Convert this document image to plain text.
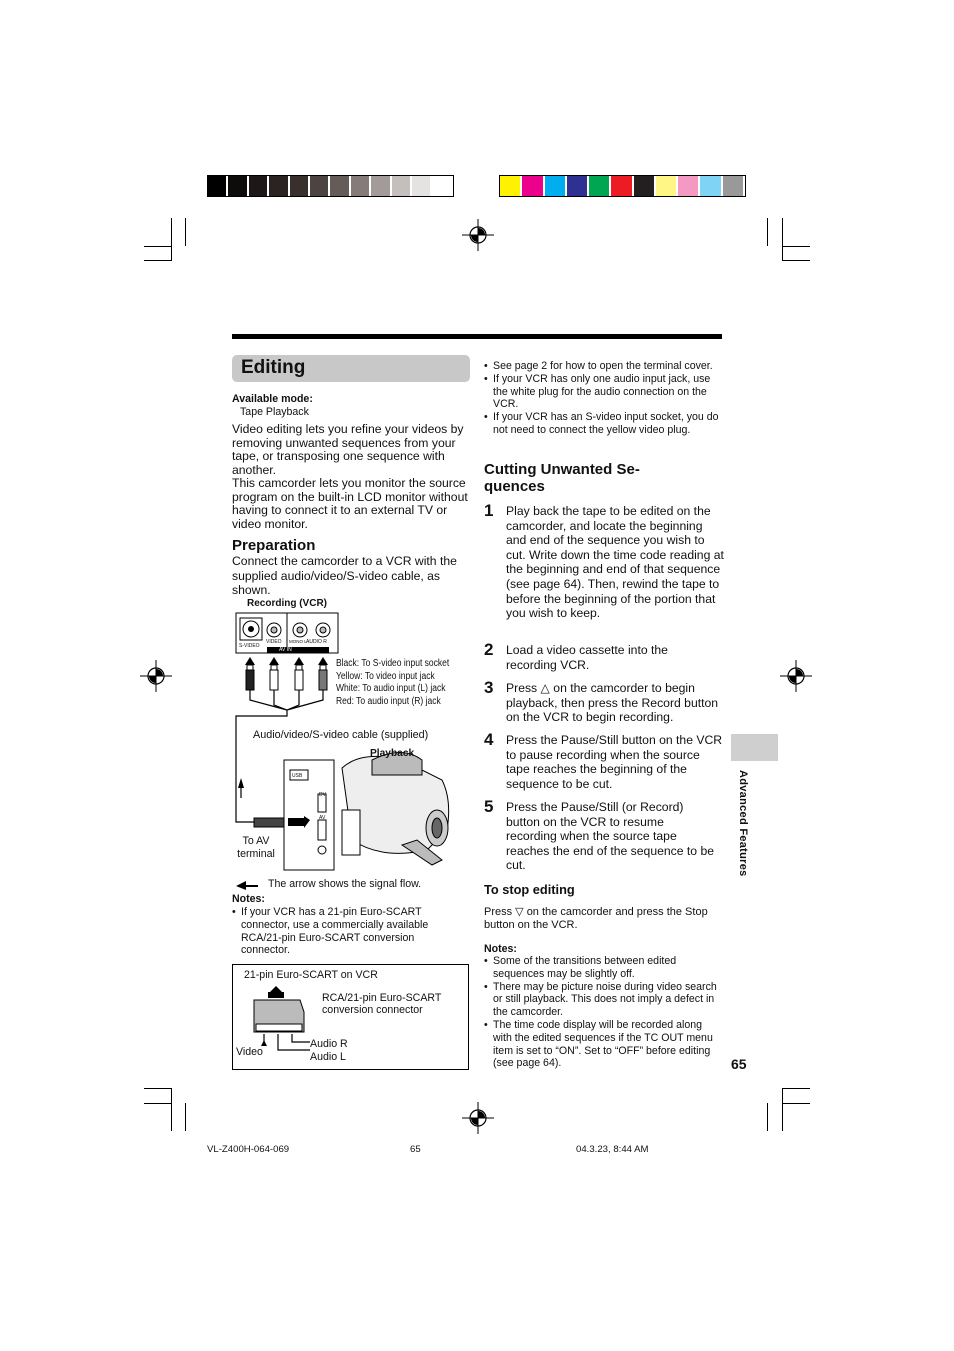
Editing
Available mode:
Tape Playback

Video editing lets you refine your videos by removing unwanted sequences from your tape, or transposing one sequence with another.

This camcorder lets you monitor the source program on the built-in LCD monitor without having to connect it to an external TV or video monitor.

Preparation

Connect the camcorder to a VCR with the supplied audio/video/S-video cable, as shown.

Recording (VCR)
S-VIDEO
VIDEO MONO L AUDIO R
AV IN
USB
DV
AV
Black: To S-video input socket
Yellow: To video input jack
White: To audio input (L) jack
Red: To audio input (R) jack
Audio/video/S-video cable (supplied)
Playback
To AV
terminal
The arrow shows the signal flow.
Notes:
• If your VCR has a 21-pin Euro-SCART connector, use a commercially available RCA/21-pin Euro-SCART conversion connector.
21-pin Euro-SCART on VCR
RCA/21-pin Euro-SCART conversion connector
Video
Audio R
Audio L
• See page 2 for how to open the terminal cover.
• If your VCR has only one audio input jack, use the white plug for the audio connection on the VCR.
• If your VCR has an S-video input socket, you do not need to connect the yellow video plug.
Cutting Unwanted Se-
quences
1 Play back the tape to be edited on the camcorder, and locate the beginning and end of the sequence you wish to cut. Write down the time code reading at the beginning and end of that sequence (see page 64). Then, rewind the tape to before the beginning of the portion that you wish to keep.
2 Load a video cassette into the recording VCR.
3 Press △ on the camcorder to begin playback, then press the Record button on the VCR to begin recording.
4 Press the Pause/Still button on the VCR to pause recording when the source tape reaches the beginning of the sequence to be cut.
5 Press the Pause/Still (or Record) button on the VCR to resume recording when the source tape reaches the end of the sequence to be cut.
To stop editing

Press ▽ on the camcorder and press the Stop button on the VCR.

Notes:
• Some of the transitions between edited sequences may be slightly off.
• There may be picture noise during video search or still playback. This does not imply a defect in the camcorder.
• The time code display will be recorded along with the edited sequences if the TC OUT menu item is set to “ON”. Set to “OFF” before editing (see page 64).
Advanced Features
65
VL-Z400H-064-069	65	04.3.23, 8:44 AM
